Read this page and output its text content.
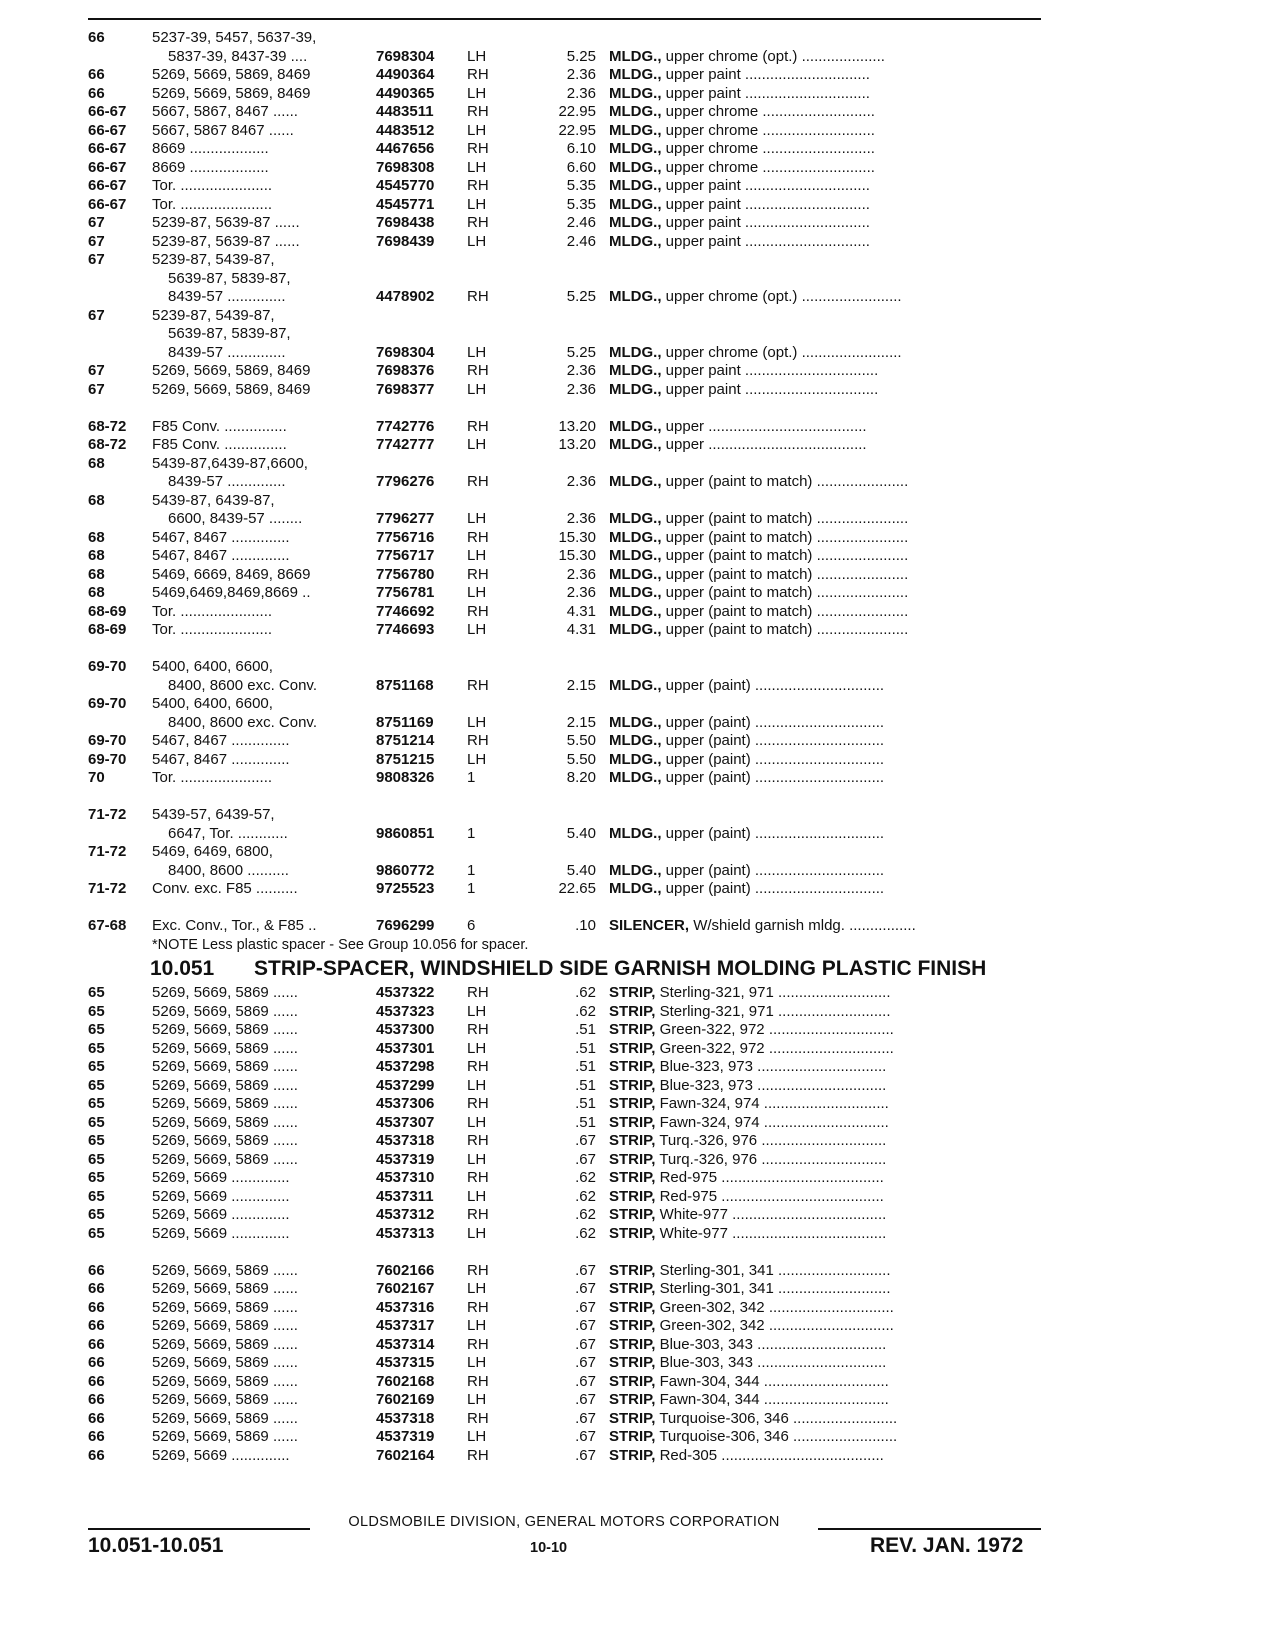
66	5237-39, 5457, 5637-39,
5837-39, 8437-39 ....	7698304 LH	5.25 MLDG., upper chrome (opt.) ....................
66	5269, 5669, 5869, 8469	4490364 RH	2.36 MLDG., upper paint ..............................
66	5269, 5669, 5869, 8469	4490365 LH	2.36 MLDG., upper paint ..............................
66-67 5667, 5867, 8467 ......	4483511 RH	22.95 MLDG., upper chrome ...........................
66-67 5667, 5867 8467 ......	4483512 LH	22.95 MLDG., upper chrome ...........................
66-67 8669 ...................	4467656 RH	6.10 MLDG., upper chrome ...........................
66-67 8669 ...................	7698308 LH	6.60 MLDG., upper chrome ...........................
66-67 Tor. ......................	4545770 RH	5.35 MLDG., upper paint ..............................
66-67 Tor. ......................	4545771 LH	5.35 MLDG., upper paint ..............................
67	5239-87, 5639-87 ......	7698438 RH	2.46 MLDG., upper paint ..............................
67	5239-87, 5639-87 ......	7698439 LH	2.46 MLDG., upper paint ..............................
67	5239-87, 5439-87,
5639-87, 5839-87,
8439-57 ..............	4478902 RH	5.25 MLDG., upper chrome (opt.) ........................
67	5239-87, 5439-87,
5639-87, 5839-87,
8439-57 ..............	7698304 LH	5.25 MLDG., upper chrome (opt.) ........................
67	5269, 5669, 5869, 8469	7698376 RH	2.36 MLDG., upper paint ................................
67	5269, 5669, 5869, 8469	7698377 LH	2.36 MLDG., upper paint ................................
68-72 F85 Conv. ...............	7742776 RH	13.20 MLDG., upper ......................................
68-72 F85 Conv. ...............	7742777 LH	13.20 MLDG., upper ......................................
68	5439-87,6439-87,6600,
8439-57 ..............	7796276 RH	2.36 MLDG., upper (paint to match) ......................
68	5439-87, 6439-87,
6600, 8439-57 ........	7796277 LH	2.36 MLDG., upper (paint to match) ......................
68	5467, 8467 ..............	7756716 RH	15.30 MLDG., upper (paint to match) ......................
68	5467, 8467 ..............	7756717 LH	15.30 MLDG., upper (paint to match) ......................
68	5469, 6669, 8469, 8669	7756780 RH	2.36 MLDG., upper (paint to match) ......................
68	5469,6469,8469,8669 ..	7756781 LH	2.36 MLDG., upper (paint to match) ......................
68-69 Tor. ......................	7746692 RH	4.31 MLDG., upper (paint to match) ......................
68-69 Tor. ......................	7746693 LH	4.31 MLDG., upper (paint to match) ......................
69-70 5400, 6400, 6600,
8400, 8600 exc. Conv.	8751168 RH	2.15 MLDG., upper (paint) ...............................
69-70 5400, 6400, 6600,
8400, 8600 exc. Conv.	8751169 LH	2.15 MLDG., upper (paint) ...............................
69-70 5467, 8467 ..............	8751214 RH	5.50 MLDG., upper (paint) ...............................
69-70 5467, 8467 ..............	8751215 LH	5.50 MLDG., upper (paint) ...............................
70	Tor. ......................	9808326 1	8.20 MLDG., upper (paint) ...............................
71-72 5439-57, 6439-57,
6647, Tor. ............	9860851 1	5.40 MLDG., upper (paint) ...............................
71-72 5469, 6469, 6800,
8400, 8600 ..........	9860772 1	5.40 MLDG., upper (paint) ...............................
71-72 Conv. exc. F85 ..........	9725523 1	22.65 MLDG., upper (paint) ...............................
67-68 Exc. Conv., Tor., & F85 ..	7696299 6	.10 SILENCER, W/shield garnish mldg. ................
*NOTE Less plastic spacer - See Group 10.056 for spacer.
10.051 STRIP-SPACER, WINDSHIELD SIDE GARNISH MOLDING PLASTIC FINISH
65	5269, 5669, 5869 ......	4537322 RH	.62 STRIP, Sterling-321, 971 ...........................
65	5269, 5669, 5869 ......	4537323 LH	.62 STRIP, Sterling-321, 971 ...........................
65	5269, 5669, 5869 ......	4537300 RH	.51 STRIP, Green-322, 972 ..............................
65	5269, 5669, 5869 ......	4537301 LH	.51 STRIP, Green-322, 972 ..............................
65	5269, 5669, 5869 ......	4537298 RH	.51 STRIP, Blue-323, 973 ...............................
65	5269, 5669, 5869 ......	4537299 LH	.51 STRIP, Blue-323, 973 ...............................
65	5269, 5669, 5869 ......	4537306 RH	.51 STRIP, Fawn-324, 974 ..............................
65	5269, 5669, 5869 ......	4537307 LH	.51 STRIP, Fawn-324, 974 ..............................
65	5269, 5669, 5869 ......	4537318 RH	.67 STRIP, Turq.-326, 976 ..............................
65	5269, 5669, 5869 ......	4537319 LH	.67 STRIP, Turq.-326, 976 ..............................
65	5269, 5669 ..............	4537310 RH	.62 STRIP, Red-975 .......................................
65	5269, 5669 ..............	4537311 LH	.62 STRIP, Red-975 .......................................
65	5269, 5669 ..............	4537312 RH	.62 STRIP, White-977 .....................................
65	5269, 5669 ..............	4537313 LH	.62 STRIP, White-977 .....................................
66	5269, 5669, 5869 ......	7602166 RH	.67 STRIP, Sterling-301, 341 ...........................
66	5269, 5669, 5869 ......	7602167 LH	.67 STRIP, Sterling-301, 341 ...........................
66	5269, 5669, 5869 ......	4537316 RH	.67 STRIP, Green-302, 342 ..............................
66	5269, 5669, 5869 ......	4537317 LH	.67 STRIP, Green-302, 342 ..............................
66	5269, 5669, 5869 ......	4537314 RH	.67 STRIP, Blue-303, 343 ...............................
66	5269, 5669, 5869 ......	4537315 LH	.67 STRIP, Blue-303, 343 ...............................
66	5269, 5669, 5869 ......	7602168 RH	.67 STRIP, Fawn-304, 344 ..............................
66	5269, 5669, 5869 ......	7602169 LH	.67 STRIP, Fawn-304, 344 ..............................
66	5269, 5669, 5869 ......	4537318 RH	.67 STRIP, Turquoise-306, 346 .........................
66	5269, 5669, 5869 ......	4537319 LH	.67 STRIP, Turquoise-306, 346 .........................
66	5269, 5669 ..............	7602164 RH	.67 STRIP, Red-305 .......................................
OLDSMOBILE DIVISION, GENERAL MOTORS CORPORATION
10.051-10.051	10-10	REV. JAN. 1972
